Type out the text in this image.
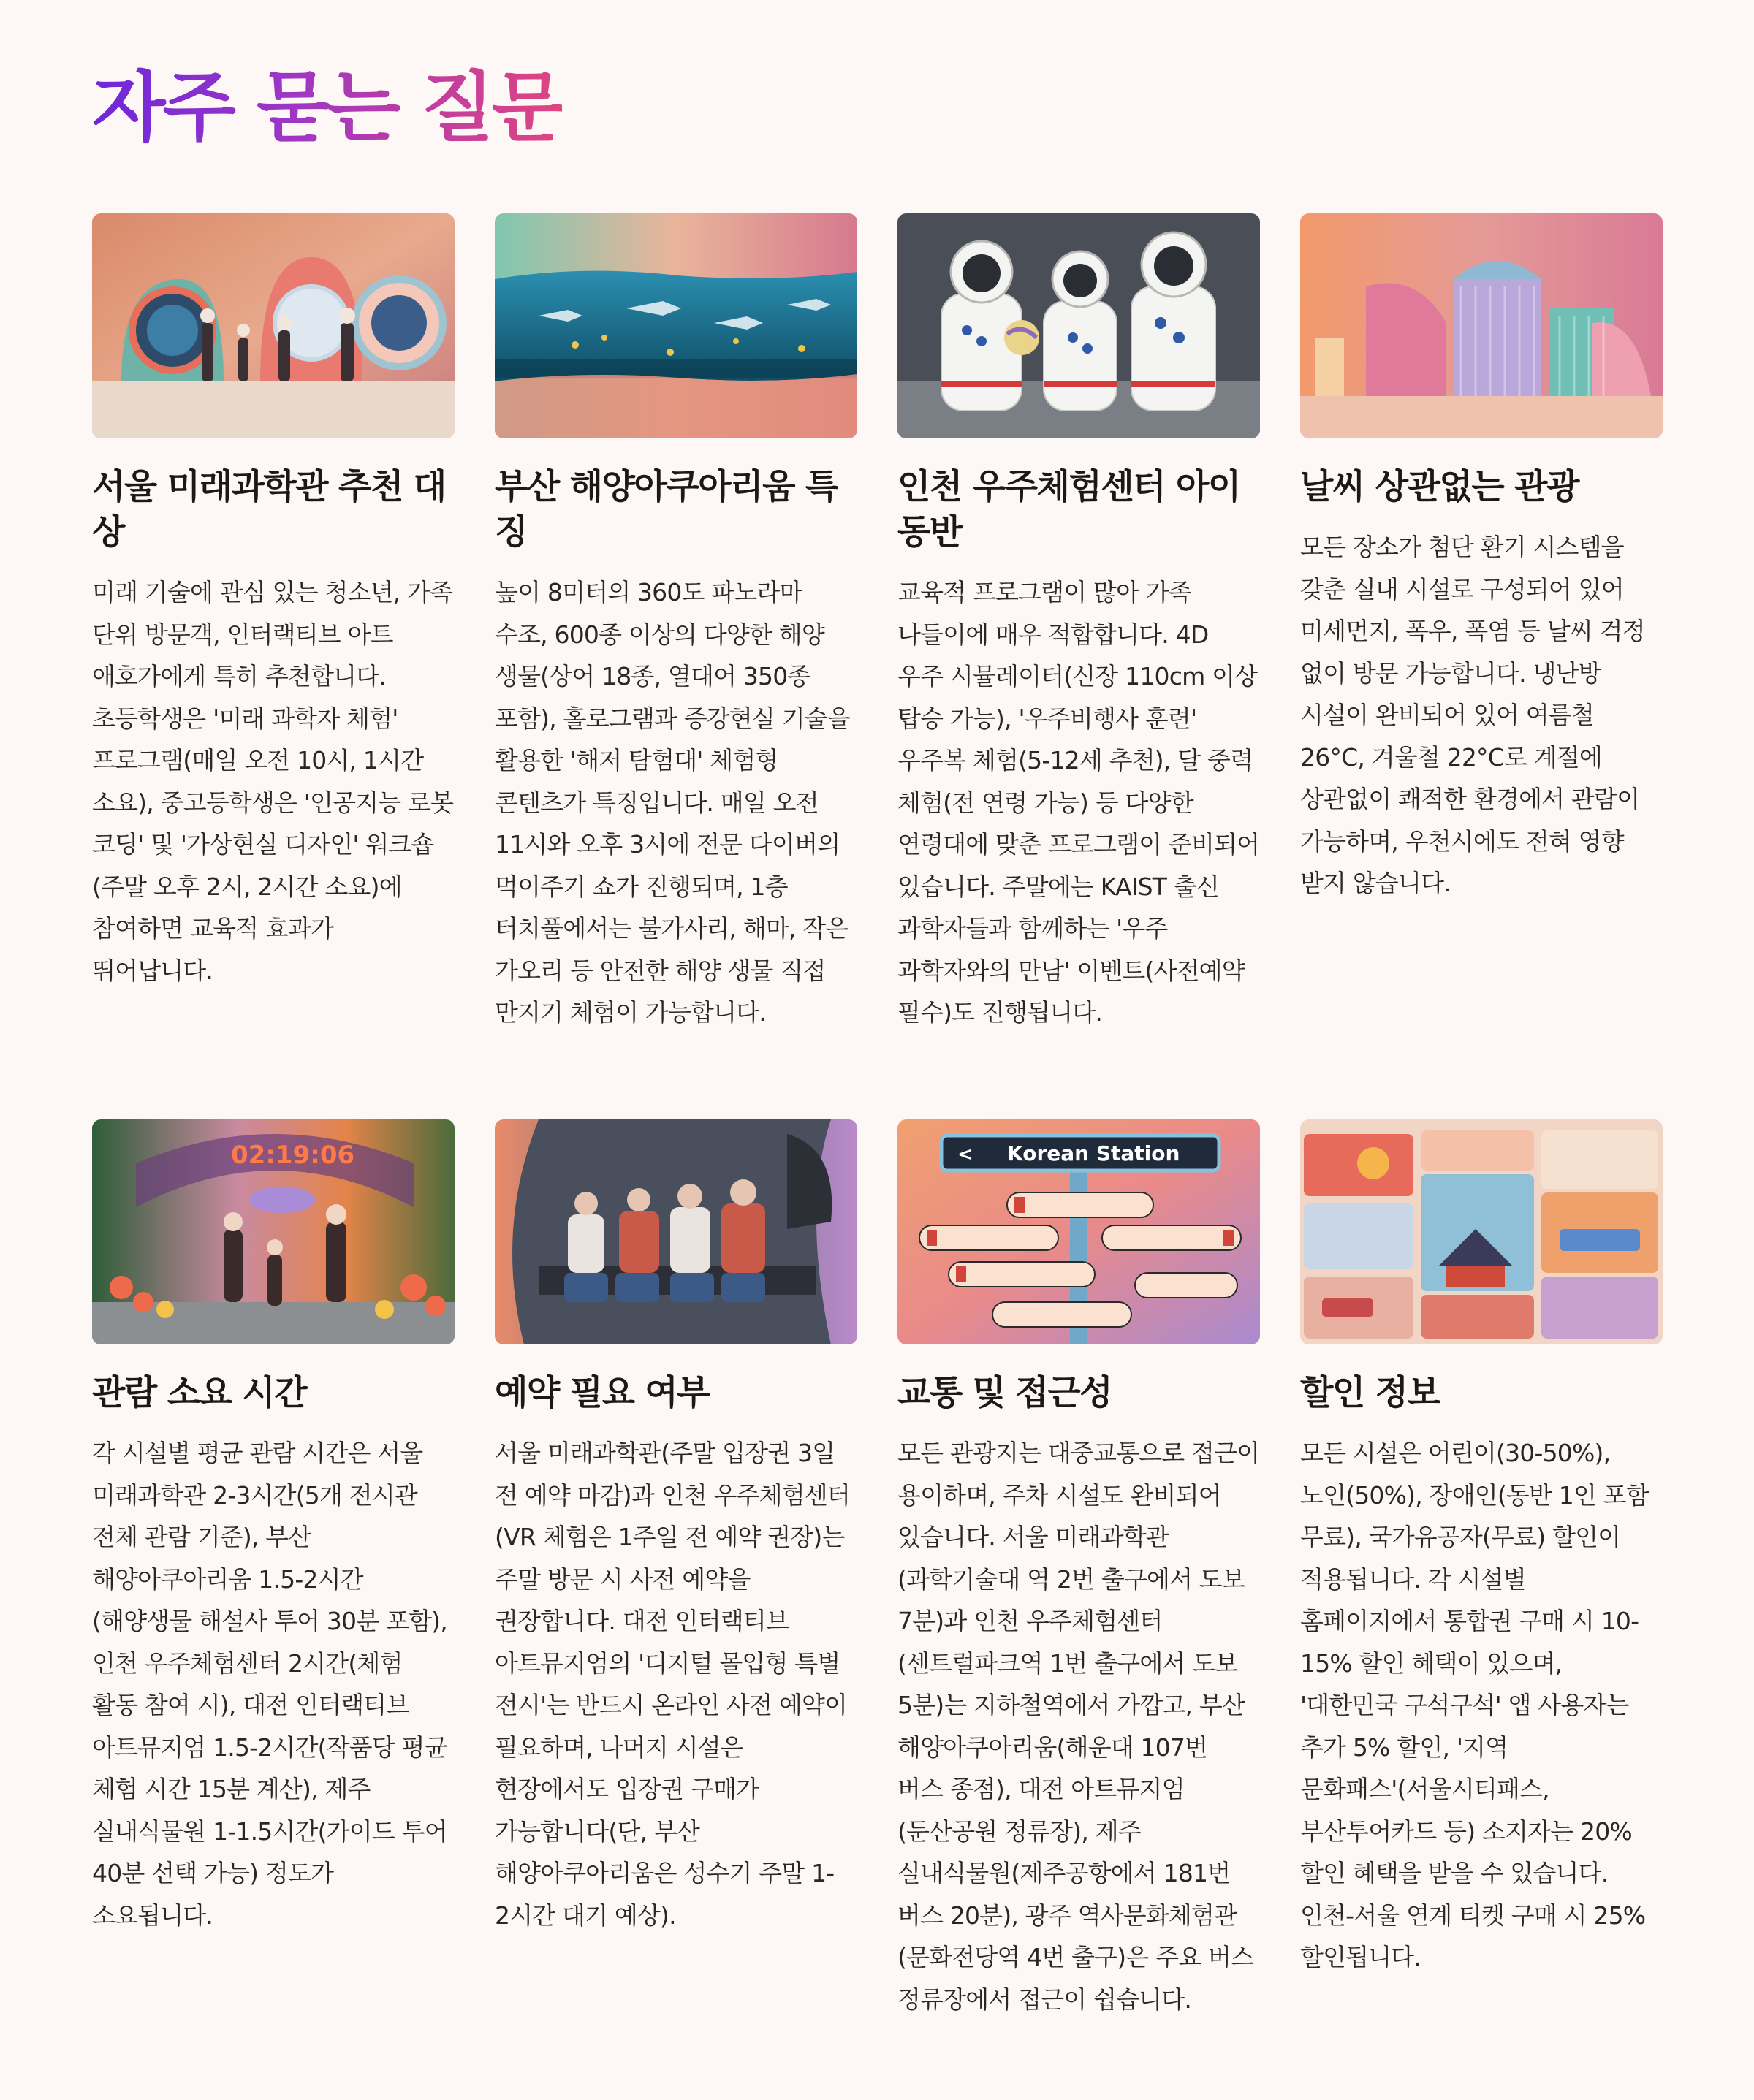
자주 묻는 질문
서울 미래과학관 추천 대상
미래 기술에 관심 있는 청소년, 가족 단위 방문객, 인터랙티브 아트 애호가에게 특히 추천합니다. 초등학생은 '미래 과학자 체험' 프로그램(매일 오전 10시, 1시간 소요), 중고등학생은 '인공지능 로봇 코딩' 및 '가상현실 디자인' 워크숍(주말 오후 2시, 2시간 소요)에 참여하면 교육적 효과가 뛰어납니다.
부산 해양아쿠아리움 특징
높이 8미터의 360도 파노라마 수조, 600종 이상의 다양한 해양 생물(상어 18종, 열대어 350종 포함), 홀로그램과 증강현실 기술을 활용한 '해저 탐험대' 체험형 콘텐츠가 특징입니다. 매일 오전 11시와 오후 3시에 전문 다이버의 먹이주기 쇼가 진행되며, 1층 터치풀에서는 불가사리, 해마, 작은 가오리 등 안전한 해양 생물 직접 만지기 체험이 가능합니다.
인천 우주체험센터 아이 동반
교육적 프로그램이 많아 가족 나들이에 매우 적합합니다. 4D 우주 시뮬레이터(신장 110cm 이상 탑승 가능), '우주비행사 훈련' 우주복 체험(5-12세 추천), 달 중력 체험(전 연령 가능) 등 다양한 연령대에 맞춘 프로그램이 준비되어 있습니다. 주말에는 KAIST 출신 과학자들과 함께하는 '우주 과학자와의 만남' 이벤트(사전예약 필수)도 진행됩니다.
날씨 상관없는 관광
모든 장소가 첨단 환기 시스템을 갖춘 실내 시설로 구성되어 있어 미세먼지, 폭우, 폭염 등 날씨 걱정 없이 방문 가능합니다. 냉난방 시설이 완비되어 있어 여름철 26°C, 겨울철 22°C로 계절에 상관없이 쾌적한 환경에서 관람이 가능하며, 우천시에도 전혀 영향 받지 않습니다.
02:19:06
관람 소요 시간
각 시설별 평균 관람 시간은 서울 미래과학관 2-3시간(5개 전시관 전체 관람 기준), 부산 해양아쿠아리움 1.5-2시간(해양생물 해설사 투어 30분 포함), 인천 우주체험센터 2시간(체험 활동 참여 시), 대전 인터랙티브 아트뮤지엄 1.5-2시간(작품당 평균 체험 시간 15분 계산), 제주 실내식물원 1-1.5시간(가이드 투어 40분 선택 가능) 정도가 소요됩니다.
예약 필요 여부
서울 미래과학관(주말 입장권 3일 전 예약 마감)과 인천 우주체험센터(VR 체험은 1주일 전 예약 권장)는 주말 방문 시 사전 예약을 권장합니다. 대전 인터랙티브 아트뮤지엄의 '디지털 몰입형 특별 전시'는 반드시 온라인 사전 예약이 필요하며, 나머지 시설은 현장에서도 입장권 구매가 가능합니다(단, 부산 해양아쿠아리움은 성수기 주말 1-2시간 대기 예상).
< Korean Station
교통 및 접근성
모든 관광지는 대중교통으로 접근이 용이하며, 주차 시설도 완비되어 있습니다. 서울 미래과학관(과학기술대 역 2번 출구에서 도보 7분)과 인천 우주체험센터(센트럴파크역 1번 출구에서 도보 5분)는 지하철역에서 가깝고, 부산 해양아쿠아리움(해운대 107번 버스 종점), 대전 아트뮤지엄(둔산공원 정류장), 제주 실내식물원(제주공항에서 181번 버스 20분), 광주 역사문화체험관(문화전당역 4번 출구)은 주요 버스 정류장에서 접근이 쉽습니다.
할인 정보
모든 시설은 어린이(30-50%), 노인(50%), 장애인(동반 1인 포함 무료), 국가유공자(무료) 할인이 적용됩니다. 각 시설별 홈페이지에서 통합권 구매 시 10-15% 할인 혜택이 있으며, '대한민국 구석구석' 앱 사용자는 추가 5% 할인, '지역 문화패스'(서울시티패스, 부산투어카드 등) 소지자는 20% 할인 혜택을 받을 수 있습니다. 인천-서울 연계 티켓 구매 시 25% 할인됩니다.
